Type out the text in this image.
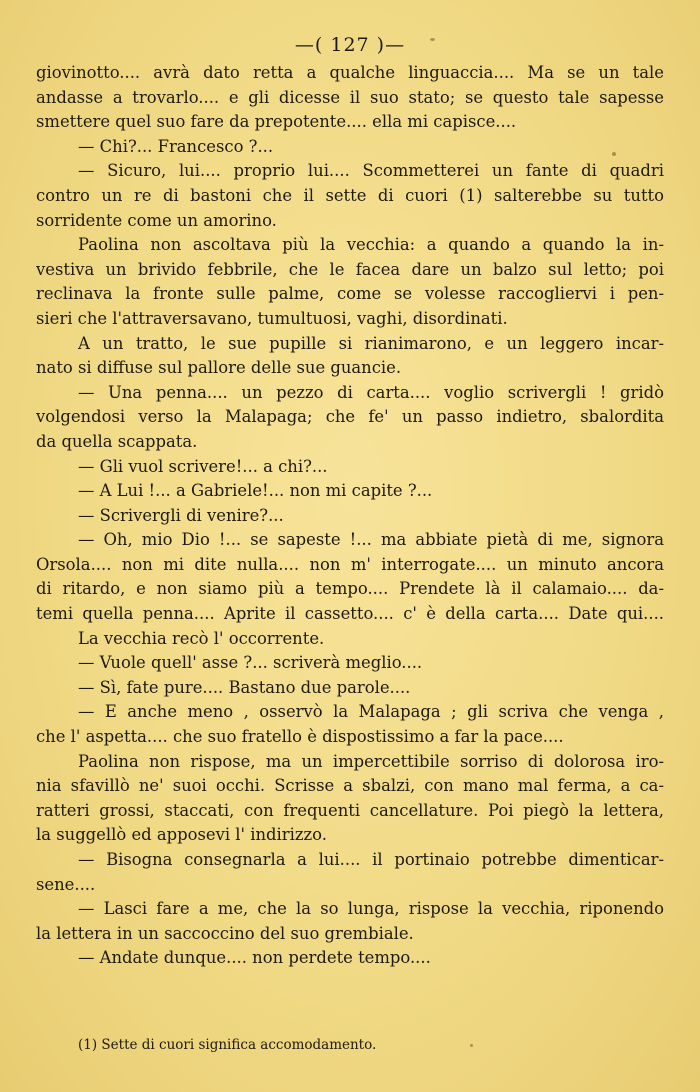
—( 127 )—
giovinotto.... avrà dato retta a qualche linguaccia.... Ma se un tale
andasse a trovarlo.... e gli dicesse il suo stato; se questo tale sapesse
smettere quel suo fare da prepotente.... ella mi capisce....
— Chi?... Francesco ?...
— Sicuro, lui.... proprio lui.... Scommetterei un fante di quadri
contro un re di bastoni che il sette di cuori (1) salterebbe su tutto
sorridente come un amorino.
Paolina non ascoltava più la vecchia: a quando a quando la in-
vestiva un brivido febbrile, che le facea dare un balzo sul letto; poi
reclinava la fronte sulle palme, come se volesse raccogliervi i pen-
sieri che l'attraversavano, tumultuosi, vaghi, disordinati.
A un tratto, le sue pupille si rianimarono, e un leggero incar-
nato si diffuse sul pallore delle sue guancie.
— Una penna.... un pezzo di carta.... voglio scrivergli ! gridò
volgendosi verso la Malapaga; che fe' un passo indietro, sbalordita
da quella scappata.
— Gli vuol scrivere!... a chi?...
— A Lui !... a Gabriele!... non mi capite ?...
— Scrivergli di venire?...
— Oh, mio Dio !... se sapeste !... ma abbiate pietà di me, signora
Orsola.... non mi dite nulla.... non m' interrogate.... un minuto ancora
di ritardo, e non siamo più a tempo.... Prendete là il calamaio.... da-
temi quella penna.... Aprite il cassetto.... c' è della carta.... Date qui....
La vecchia recò l' occorrente.
— Vuole quell' asse ?... scriverà meglio....
— Sì, fate pure.... Bastano due parole....
— E anche meno , osservò la Malapaga ; gli scriva che venga ,
che l' aspetta.... che suo fratello è dispostissimo a far la pace....
Paolina non rispose, ma un impercettibile sorriso di dolorosa iro-
nia sfavillò ne' suoi occhi. Scrisse a sbalzi, con mano mal ferma, a ca-
ratteri grossi, staccati, con frequenti cancellature. Poi piegò la lettera,
la suggellò ed apposevi l' indirizzo.
— Bisogna consegnarla a lui.... il portinaio potrebbe dimenticar-
sene....
— Lasci fare a me, che la so lunga, rispose la vecchia, riponendo
la lettera in un saccoccino del suo grembiale.
— Andate dunque.... non perdete tempo....
(1) Sette di cuori significa accomodamento.
